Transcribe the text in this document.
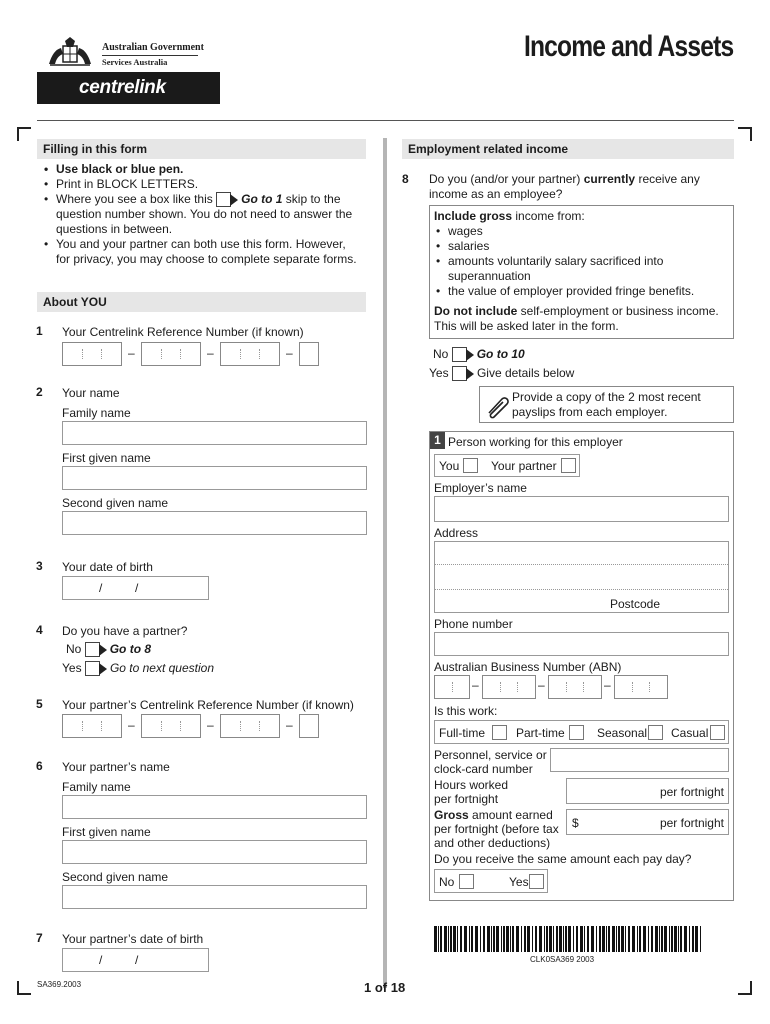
Australian Government
Services Australia
centrelink
Income and Assets
Filling in this form
• Use black or blue pen.
• Print in BLOCK LETTERS.
• Where you see a box like this Go to 1 skip to the
question number shown. You do not need to answer the
questions in between.
• You and your partner can both use this form. However,
for privacy, you may choose to complete separate forms.
About YOU
1 Your Centrelink Reference Number (if known)
–	–	–
2 Your name
Family name
First given name
Second given name
3 Your date of birth
/	/
4 Do you have a partner?
No Go to 8
Yes Go to next question
5 Your partner’s Centrelink Reference Number (if known)
–	–	–
6 Your partner’s name
Family name
First given name
Second given name
7 Your partner’s date of birth
/	/
Employment related income
8 Do you (and/or your partner) currently receive any
income as an employee?
Include gross income from:
• wages
• salaries
• amounts voluntarily salary sacrificed into
superannuation
• the value of employer provided fringe benefits.
Do not include self-employment or business income.
This will be asked later in the form.
No Go to 10
Yes Give details below
Provide a copy of the 2 most recent
payslips from each employer.
1 Person working for this employer
You	Your partner
Employer’s name
Address
Postcode
Phone number
Australian Business Number (ABN)
–	–	–
Is this work:
Full-time	Part-time	Seasonal Casual
Personnel, service or
clock-card number
Hours worked
per fortnight	per fortnight
Gross amount earned
per fortnight (before tax
and other deductions)
$	per fortnight
Do you receive the same amount each pay day?
No	Yes
CLK0SA369 2003
SA369.2003	1 of 18
